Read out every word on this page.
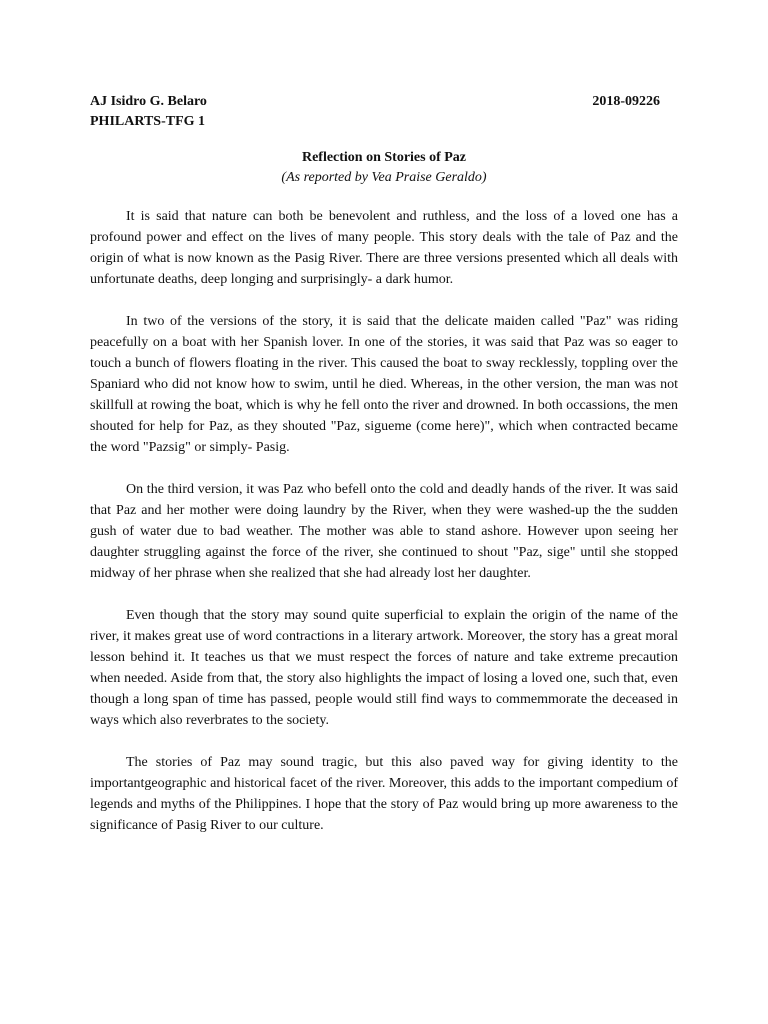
AJ Isidro G. Belaro	2018-09226
PHILARTS-TFG 1
Reflection on Stories of Paz
(As reported by Vea Praise Geraldo)

It is said that nature can both be benevolent and ruthless, and the loss of a loved one has a profound power and effect on the lives of many people. This story deals with the tale of Paz and the origin of what is now known as the Pasig River. There are three versions presented which all deals with unfortunate deaths, deep longing and surprisingly- a dark humor.

In two of the versions of the story, it is said that the delicate maiden called "Paz" was riding peacefully on a boat with her Spanish lover. In one of the stories, it was said that Paz was so eager to touch a bunch of flowers floating in the river. This caused the boat to sway recklessly, toppling over the Spaniard who did not know how to swim, until he died. Whereas, in the other version, the man was not skillfull at rowing the boat, which is why he fell onto the river and drowned. In both occassions, the men shouted for help for Paz, as they shouted "Paz, sigueme (come here)", which when contracted became the word "Pazsig" or simply- Pasig.

On the third version, it was Paz who befell onto the cold and deadly hands of the river. It was said that Paz and her mother were doing laundry by the River, when they were washed-up the the sudden gush of water due to bad weather. The mother was able to stand ashore. However upon seeing her daughter struggling against the force of the river, she continued to shout "Paz, sige" until she stopped midway of her phrase when she realized that she had already lost her daughter.

Even though that the story may sound quite superficial to explain the origin of the name of the river, it makes great use of word contractions in a literary artwork. Moreover, the story has a great moral lesson behind it. It teaches us that we must respect the forces of nature and take extreme precaution when needed. Aside from that, the story also highlights the impact of losing a loved one, such that, even though a long span of time has passed, people would still find ways to commemmorate the deceased in ways which also reverbrates to the society.

The stories of Paz may sound tragic, but this also paved way for giving identity to the importantgeographic and historical facet of the river. Moreover, this adds to the important compedium of legends and myths of the Philippines. I hope that the story of Paz would bring up more awareness to the significance of Pasig River to our culture.
